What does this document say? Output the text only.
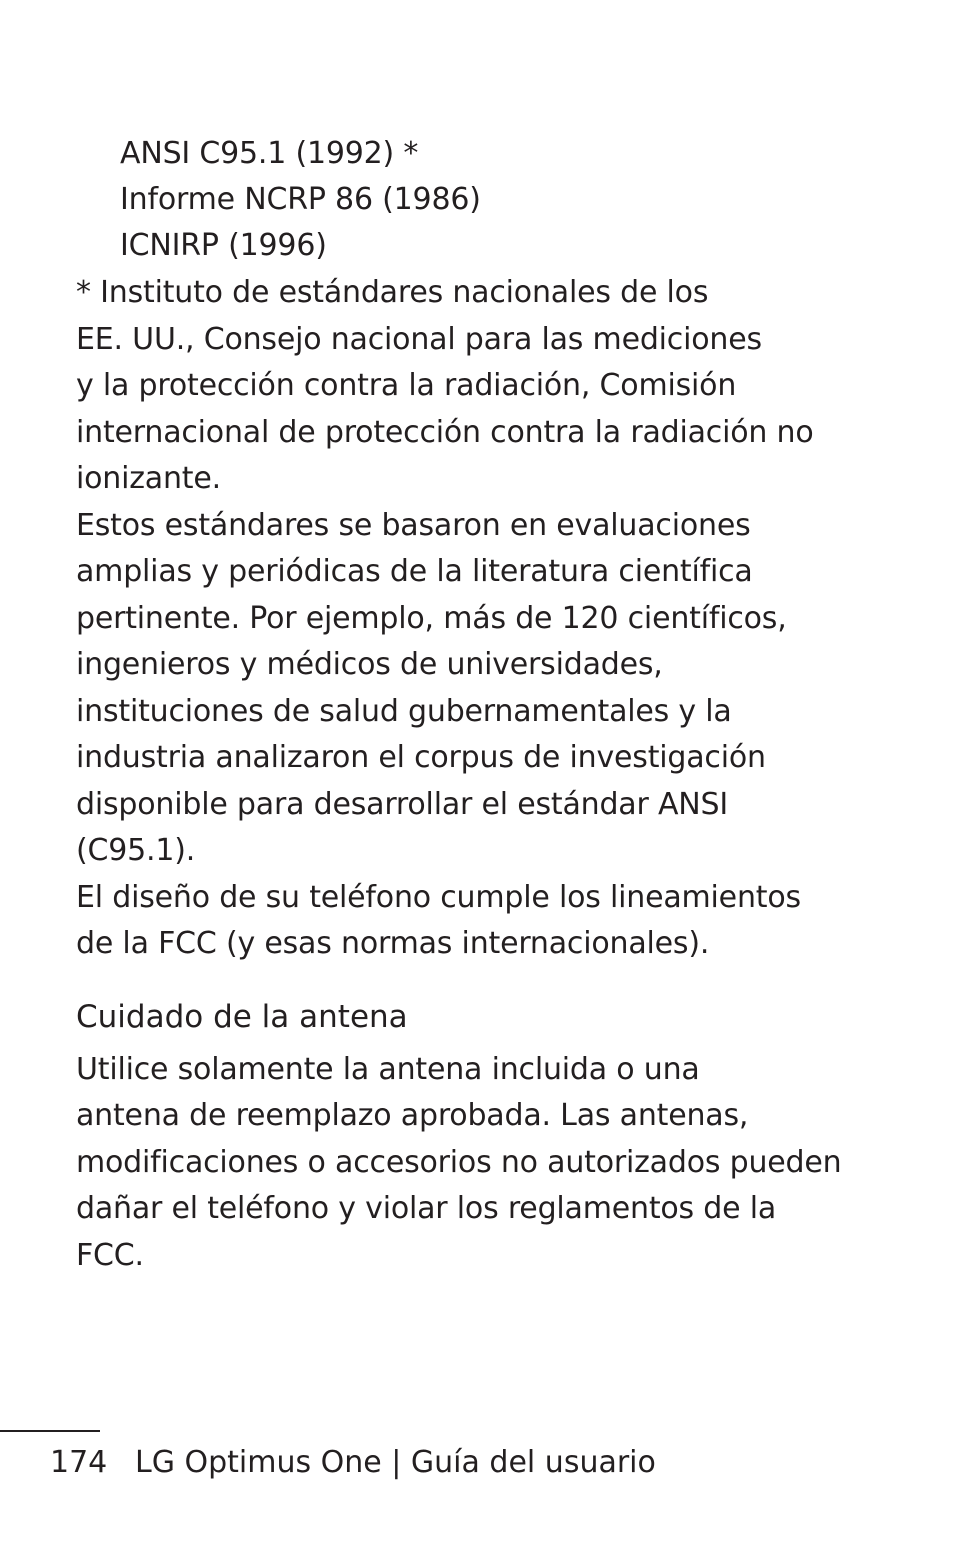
ANSI C95.1 (1992) *
Informe NCRP 86 (1986)
ICNIRP (1996)
* Instituto de estándares nacionales de los
EE. UU., Consejo nacional para las mediciones
y la protección contra la radiación, Comisión
internacional de protección contra la radiación no
ionizante.
Estos estándares se basaron en evaluaciones
amplias y periódicas de la literatura científica
pertinente. Por ejemplo, más de 120 científicos,
ingenieros y médicos de universidades,
instituciones de salud gubernamentales y la
industria analizaron el corpus de investigación
disponible para desarrollar el estándar ANSI
(C95.1).
El diseño de su teléfono cumple los lineamientos
de la FCC (y esas normas internacionales).
Cuidado de la antena
Utilice solamente la antena incluida o una
antena de reemplazo aprobada. Las antenas,
modificaciones o accesorios no autorizados pueden
dañar el teléfono y violar los reglamentos de la
FCC.
174 LG Optimus One | Guía del usuario
